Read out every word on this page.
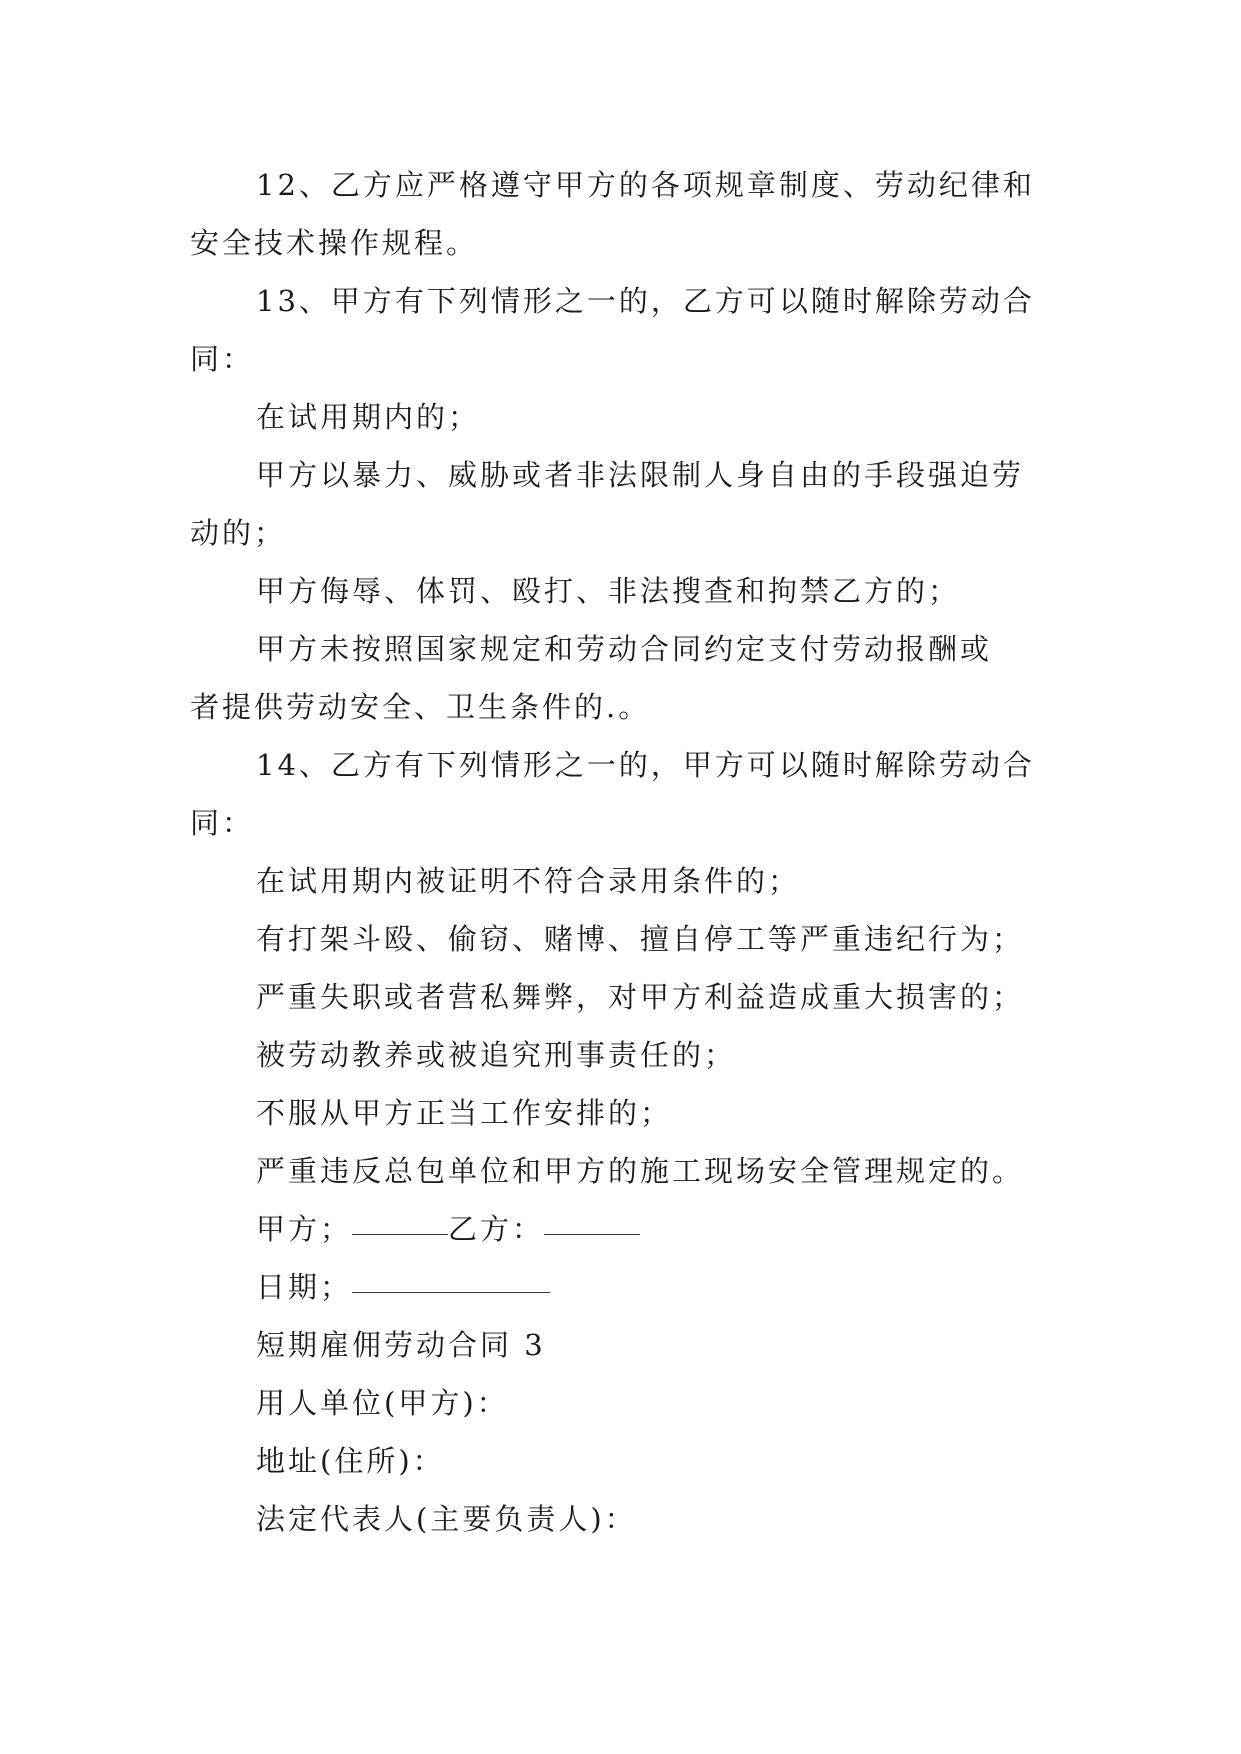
12、乙方应严格遵守甲方的各项规章制度、劳动纪律和
安全技术操作规程。
13、甲方有下列情形之一的，乙方可以随时解除劳动合
同：
在试用期内的；
甲方以暴力、威胁或者非法限制人身自由的手段强迫劳
动的；
甲方侮辱、体罚、殴打、非法搜查和拘禁乙方的；
甲方未按照国家规定和劳动合同约定支付劳动报酬或
者提供劳动安全、卫生条件的.。
14、乙方有下列情形之一的，甲方可以随时解除劳动合
同：
在试用期内被证明不符合录用条件的；
有打架斗殴、偷窃、赌博、擅自停工等严重违纪行为；
严重失职或者营私舞弊，对甲方利益造成重大损害的；
被劳动教养或被追究刑事责任的；
不服从甲方正当工作安排的；
严重违反总包单位和甲方的施工现场安全管理规定的。
甲方；	乙方：
日期；
短期雇佣劳动合同 3
用人单位(甲方)：
地址(住所)：
法定代表人(主要负责人)：
